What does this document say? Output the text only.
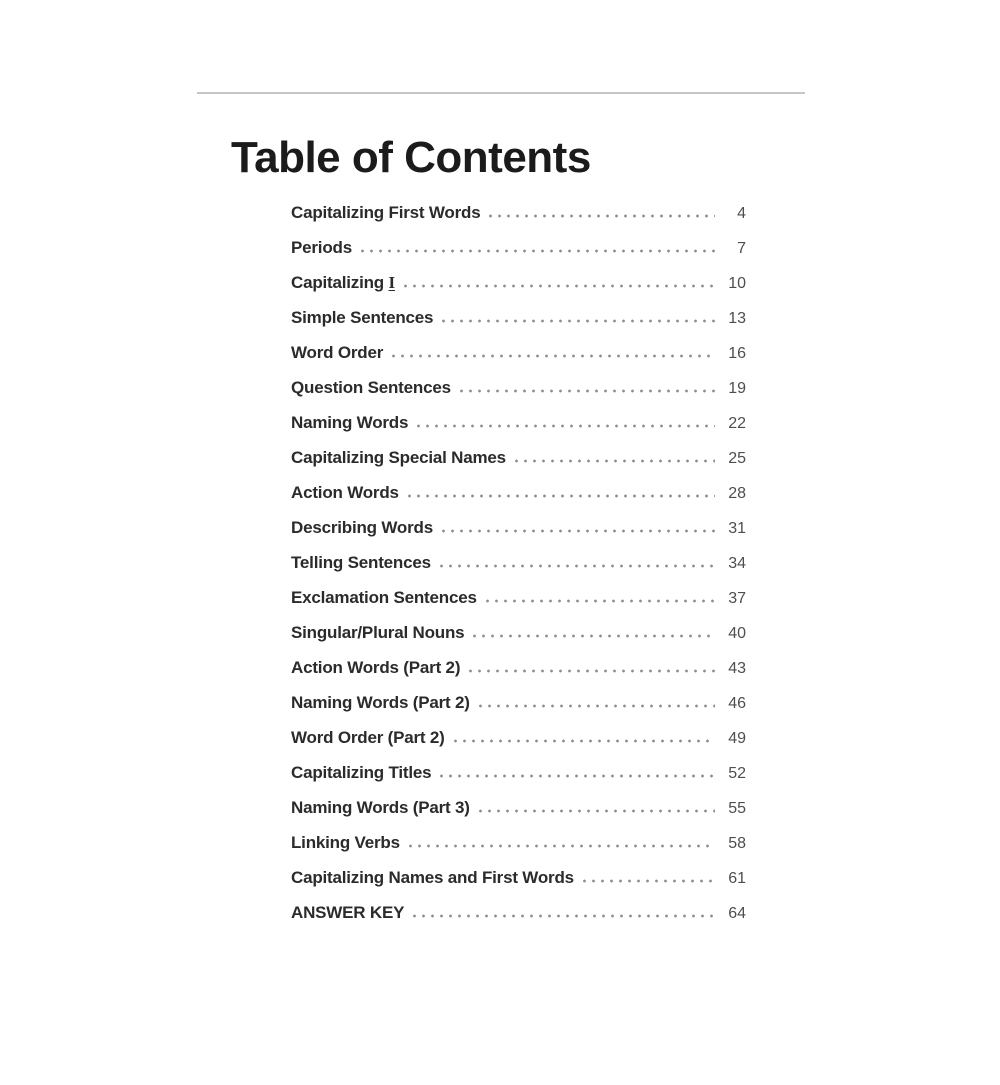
Table of Contents
Capitalizing First Words	4
Periods	7
Capitalizing I	10
Simple Sentences	13
Word Order	16
Question Sentences	19
Naming Words	22
Capitalizing Special Names	25
Action Words	28
Describing Words	31
Telling Sentences	34
Exclamation Sentences	37
Singular/Plural Nouns	40
Action Words (Part 2)	43
Naming Words (Part 2)	46
Word Order (Part 2)	49
Capitalizing Titles	52
Naming Words (Part 3)	55
Linking Verbs	58
Capitalizing Names and First Words	61
ANSWER KEY	64
